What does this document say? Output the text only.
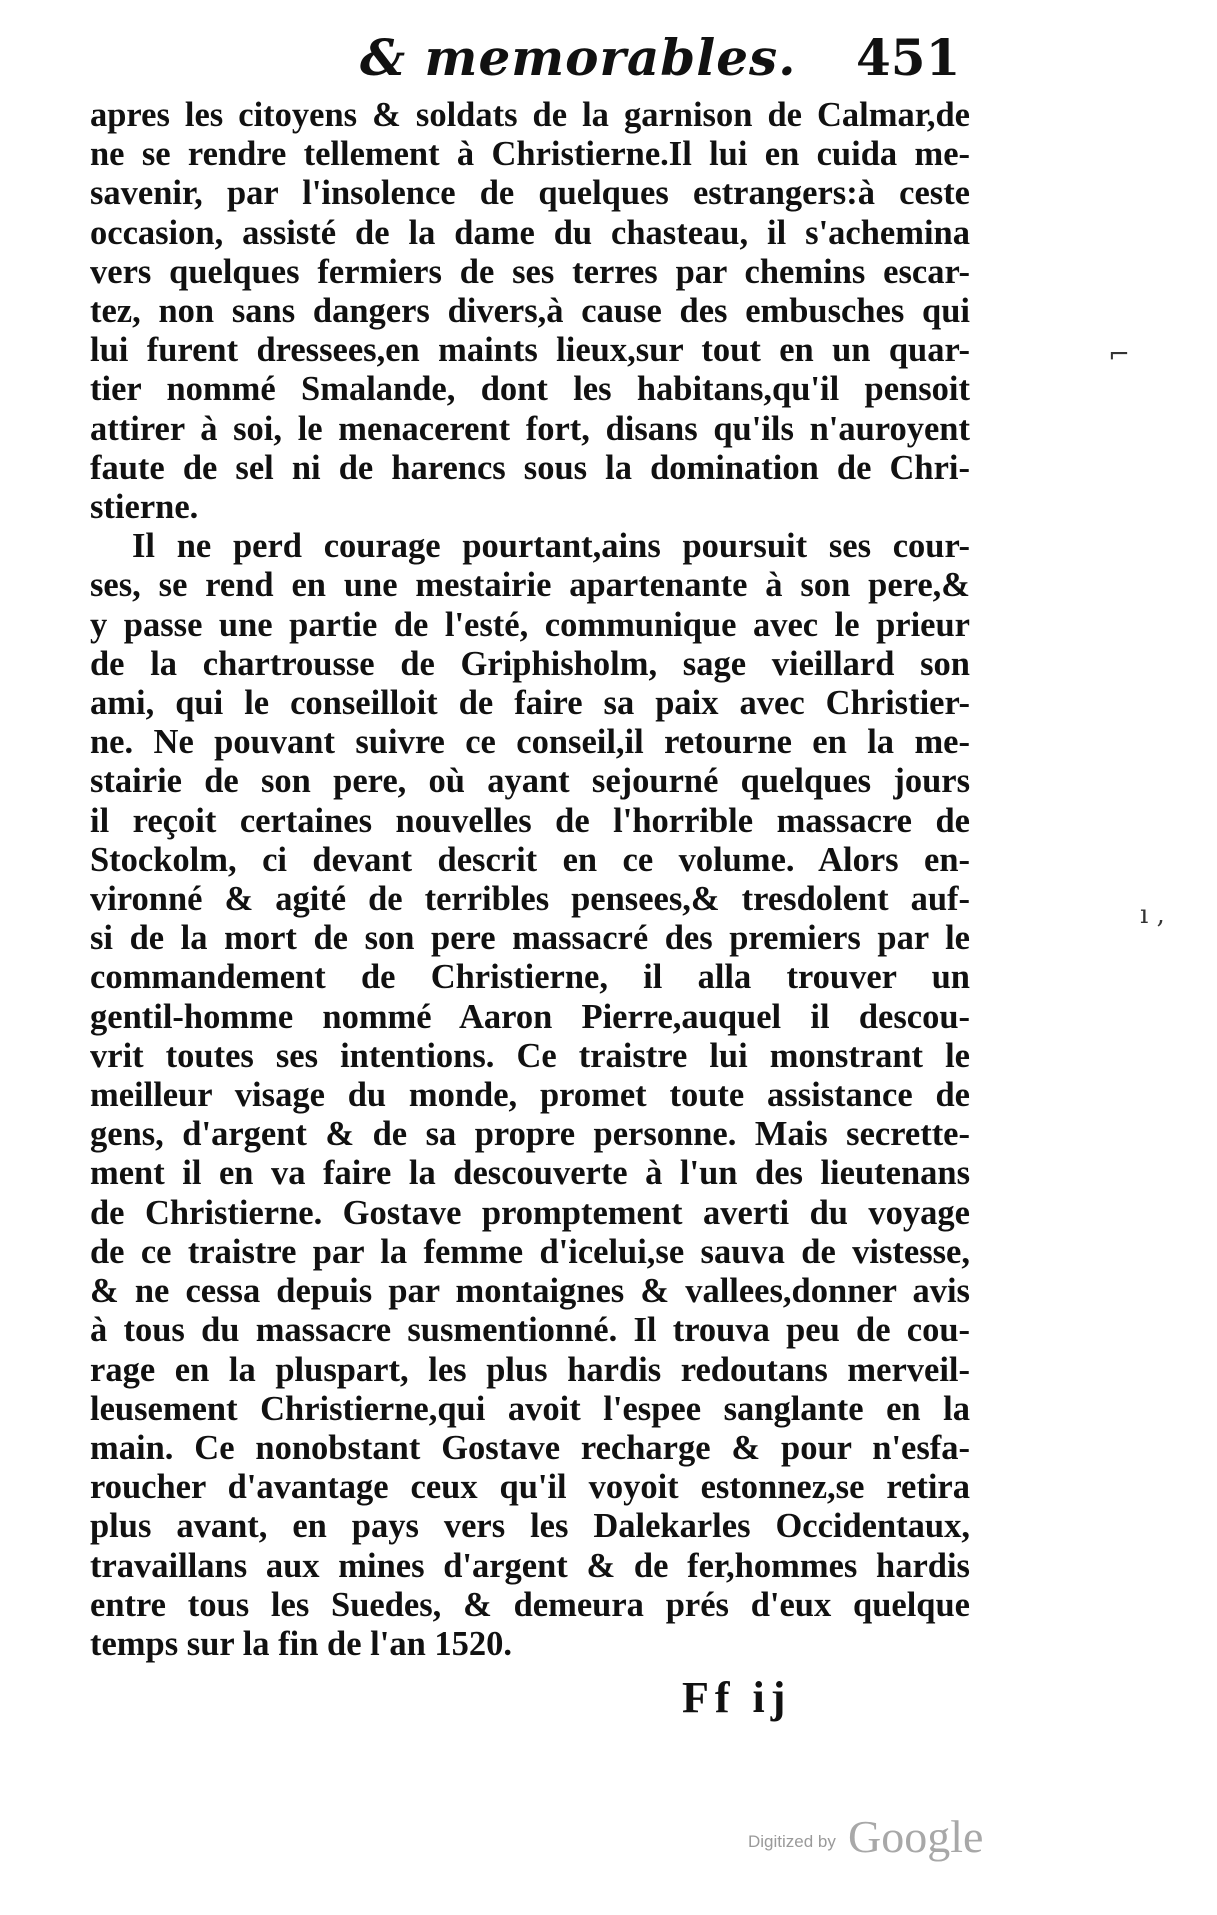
& memorables. 451
apres les citoyens & soldats de la garnison de Calmar,de
ne se rendre tellement à Christierne.Il lui en cuida me-
savenir, par l'insolence de quelques estrangers:à ceste
occasion, assisté de la dame du chasteau, il s'achemina
vers quelques fermiers de ses terres par chemins escar-
tez, non sans dangers divers,à cause des embusches qui
lui furent dressees,en maints lieux,sur tout en un quar-
tier nommé Smalande, dont les habitans,qu'il pensoit
attirer à soi, le menacerent fort, disans qu'ils n'auroyent
faute de sel ni de harencs sous la domination de Chri-
stierne.
Il ne perd courage pourtant,ains poursuit ses cour-
ses, se rend en une mestairie apartenante à son pere,&
y passe une partie de l'esté, communique avec le prieur
de la chartrousse de Griphisholm, sage vieillard son
ami, qui le conseilloit de faire sa paix avec Christier-
ne. Ne pouvant suivre ce conseil,il retourne en la me-
stairie de son pere, où ayant sejourné quelques jours
il reçoit certaines nouvelles de l'horrible massacre de
Stockolm, ci devant descrit en ce volume. Alors en-
vironné & agité de terribles pensees,& tresdolent auf-
si de la mort de son pere massacré des premiers par le
commandement de Christierne, il alla trouver un
gentil-homme nommé Aaron Pierre,auquel il descou-
vrit toutes ses intentions. Ce traistre lui monstrant le
meilleur visage du monde, promet toute assistance de
gens, d'argent & de sa propre personne. Mais secrette-
ment il en va faire la descouverte à l'un des lieutenans
de Christierne. Gostave promptement averti du voyage
de ce traistre par la femme d'icelui,se sauva de vistesse,
& ne cessa depuis par montaignes & vallees,donner avis
à tous du massacre susmentionné. Il trouva peu de cou-
rage en la pluspart, les plus hardis redoutans merveil-
leusement Christierne,qui avoit l'espee sanglante en la
main. Ce nonobstant Gostave recharge & pour n'esfa-
roucher d'avantage ceux qu'il voyoit estonnez,se retira
plus avant, en pays vers les Dalekarles Occidentaux,
travaillans aux mines d'argent & de fer,hommes hardis
entre tous les Suedes, & demeura prés d'eux quelque
temps sur la fin de l'an 1520.
Ff ij
⌐
ı ,
Digitized by Google
